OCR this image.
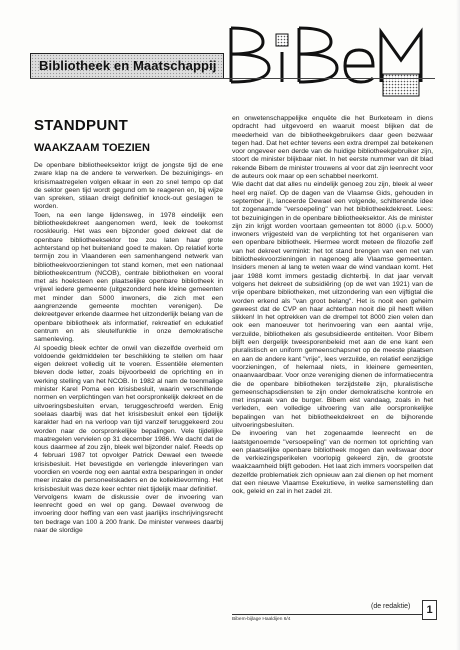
Bibliotheek en Maatschappij
STANDPUNT
WAAKZAAM TOEZIEN

De openbare bibliotheeksektor krijgt de jongste tijd de ene zware klap na de andere te verwerken. De bezuinigings- en krisismaatregelen volgen elkaar in een zo snel tempo op dat de sektor geen tijd wordt gegund om te reageren en, bij wijze van spreken, stilaan dreigt definitief knock-out geslagen te worden.

Toen, na een lange lijdensweg, in 1978 eindelijk een bibliotheekdekreet aangenomen werd, leek de toekomst rooskleurig. Het was een bijzonder goed dekreet dat de openbare bibliotheeksektor toe zou laten haar grote achterstand op het buitenland goed te maken. Op relatief korte termijn zou in Vlaanderen een samenhangend netwerk van bibliotheekvoorzieningen tot stand komen, met een nationaal bibliotheekcentrum (NCOB), centrale bibliotheken en vooral met als hoeksteen een plaatselijke openbare bibliotheek in vrijwel iedere gemeente (uitgezonderd hele kleine gemeenten met minder dan 5000 inwoners, die zich met een aangrenzende gemeente mochten verenigen). De dekreetgever erkende daarmee het uitzonderlijk belang van de openbare bibliotheek als informatief, rekreatief en edukatief centrum en als sleutelfunktie in onze demokratische samenleving.

Al spoedig bleek echter de onwil van diezelfde overheid om voldoende geldmiddelen ter beschikking te stellen om haar eigen dekreet volledig uit te voeren. Essentiële elementen bleven dode letter, zoals bijvoorbeeld de oprichting en in werking stelling van het NCOB. In 1982 al nam de toenmalige minister Karel Poma een krisisbesluit, waarin verschillende normen en verplichtingen van het oorspronkelijk dekreet en de uitvoeringsbesluiten ervan, teruggeschroefd werden. Enig soelaas daarbij was dat het krisisbesluit enkel een tijdelijk karakter had en na verloop van tijd vanzelf teruggekeerd zou worden naar de oorspronkelijke bepalingen. Vele tijdelijke maatregelen vervielen op 31 december 1986. We dacht dat de kous daarmee af zou zijn, bleek wel bijzonder naïef. Reeds op 4 februari 1987 tot opvolger Patrick Dewael een tweede krisisbesluit. Het bevestigde en verlengde inleveringen van voordien en voerde nog een aantal extra besparingen in onder meer inzake de personeelskaders en de kollektievorming. Het krisisbesluit was deze keer echter niet tijdelijk maar definitief.

Vervolgens kwam de diskussie over de invoering van leenrecht goed en wel op gang. Dewael overwoog de invoering door heffing van een vast jaarlijks inschrijvingsrecht ten bedrage van 100 à 200 frank. De minister verwees daarbij naar de slordige

en onwetenschappelijke enquête die het Burketeam in diens opdracht had uitgevoerd en waaruit moest blijken dat de meederheid van de bibliotheekgebruikers daar geen bezwaar tegen had. Dat het echter tevens een extra drempel zal betekenen voor ongeveer een derde van de huidige bibliotheekgebruiker zijn, stoort de minister blijkbaar niet. In het eerste nummer van dit blad rekende Bibem de minister trouwens al voor dat zijn leenrecht voor de auteurs ook maar op een schabbel neerkomt.

Wie dacht dat dat alles nu eindelijk genoeg zou zijn, bleek al weer heel erg naïef. Op de dagen van de Vlaamse Gids, gehouden in september jl., lanceerde Dewael een volgende, schitterende idee tot zogenaamde "versoepeling" van het bibliotheekdekreet. Lees: tot bezuinigingen in de openbare bibliotheeksektor. Als de minister zijn zin krijgt worden voortaan gemeenten tot 8000 (i.p.v. 5000) inwoners vrijgesteld van de verplichting tot het organiseren van een openbare bibliotheek. Hiermee wordt meteen de filozofie zelf van het dekreet verminkt: het tot stand brengen van een net van bibliotheekvoorzieningen in nagenoeg alle Vlaamse gemeenten. Insiders menen al lang te weten waar de wind vandaan komt. Het jaar 1988 komt immers gestadig dichterbij. In dat jaar vervalt volgens het dekreet de subsidiëring (op de wet van 1921) van de vrije openbare bibliotheken, met uitzondering van een vijftigtal die worden erkend als "van groot belang". Het is nooit een geheim geweest dat de CVP en haar achterban nooit die pil heeft willen slikken! In het optrekken van de drempel tot 8000 zien velen dan ook een manoeuver tot herinvoering van een aantal vrije, verzuilde, bibliotheken als gesubsidieerde entiteiten. Voor Bibem blijft een dergelijk tweesporenbeleid met aan de ene kant een pluralistisch en uniform gemeenschapsnet op de meeste plaatsen en aan de andere kant "vrije", lees verzuilde, en relatief eenzijdige voorzieningen, of helemaal niets, in kleinere gemeenten, onaanvaardbaar. Voor onze vereniging dienen de informatiecentra die de openbare bibliotheken terzijdstelle zijn, pluralistische gemeenschapsdiensten te zijn onder demokratische kontrole en met inspraak van de burger. Bibem eist vandaag, zoals in het verleden, een volledige uitvoering van alle oorspronkelijke bepalingen van het bibliotheekdekreet en de bijhorende uitvoeringsbesluiten.

De invoering van het zogenaamde leenrecht en de laatstgenoemde "versoepeling" van de normen tot oprichting van een plaatselijke openbare bibliotheek mogen dan wellswaar door de verkiezingsperikelen voorlopig gekeerd zijn, de grootste waakzaamheid blijft geboden. Het laat zich immers voorspellen dat dezelfde problematiek zich opnieuw aan zal dienen op het moment dat een nieuwe Vlaamse Exekutieve, in welke samenstelling dan ook, geleid en zal in het zadel zit.

(de redaktie)
Bibem-bijlage Haaldijen 6/4
1
